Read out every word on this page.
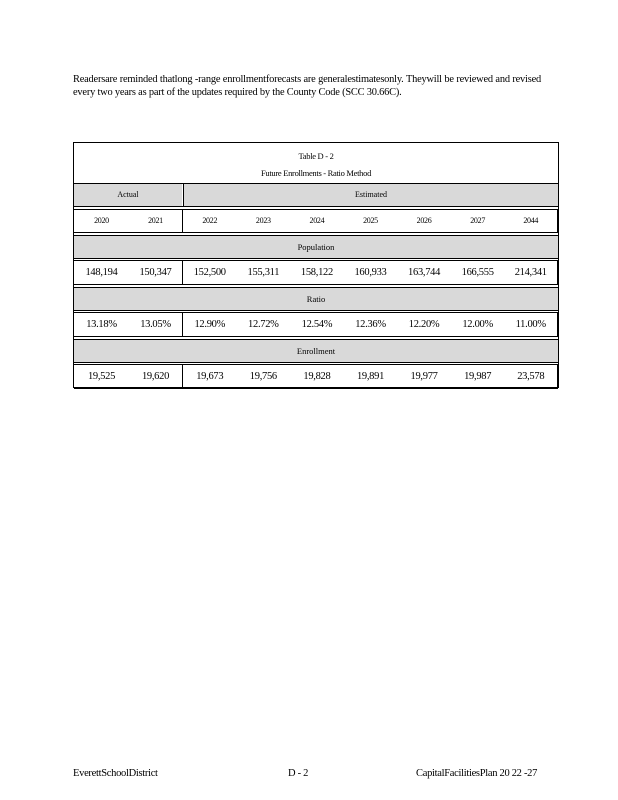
Readersare reminded thatlong -range enrollmentforecasts are generalestimatesonly. Theywill be reviewed and revised every two years as part of the updates required by the County Code (SCC 30.66C).
Table D - 2
Future Enrollments - Ratio Method
Actual	Estimated
2020	2021	2022	2023	2024	2025	2026	2027	2044
Population
148,194	150,347	152,500	155,311	158,122	160,933	163,744	166,555	214,341
Ratio
13.18%	13.05%	12.90%	12.72%	12.54%	12.36%	12.20%	12.00%	11.00%
Enrollment
19,525	19,620	19,673	19,756	19,828	19,891	19,977	19,987	23,578
EverettSchoolDistrict	D - 2	CapitalFacilitiesPlan 20 22 -27
